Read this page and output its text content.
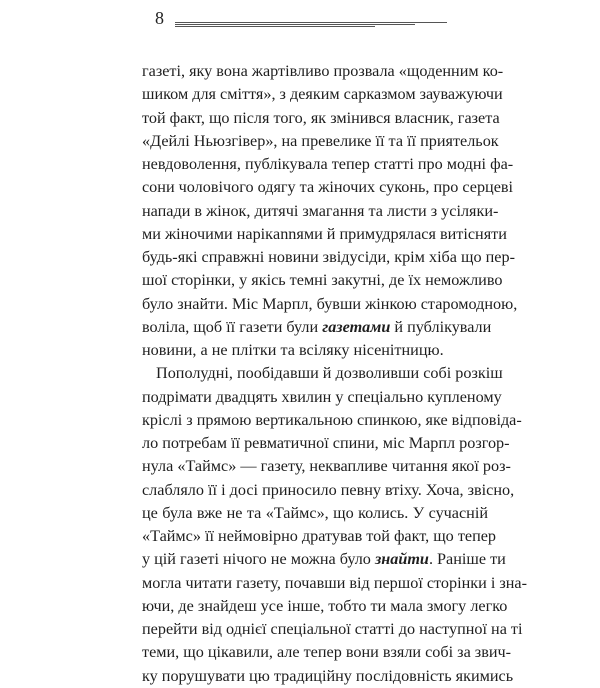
8
газеті, яку вона жартівливо прозвала «щоденним ко-
шиком для сміття», з деяким сарказмом зауважуючи
той факт, що після того, як змінився власник, газета
«Дейлі Ньюзгівер», на превелике її та її приятельок
невдоволення, публікувала тепер статті про модні фа-
сони чоловічого одягу та жіночих суконь, про серцеві
напади в жінок, дитячі змагання та листи з усіляки-
ми жіночими нарікannями й примудрялася витісняти
будь-які справжні новини звідусіди, крім хіба що пер-
шої сторінки, у якісь темні закутні, де їх неможливо
було знайти. Міс Марпл, бувши жінкою старомодною,
воліла, щоб її газети були газетами й публікували
новини, а не плітки та всіляку нісенітницю.
Пополудні, пообідавши й дозволивши собі розкіш
подрімати двадцять хвилин у спеціально купленому
кріслі з прямою вертикальною спинкою, яке відповіда-
ло потребам її ревматичної спини, міс Марпл розгор-
нула «Таймс» — газету, неквапливе читання якої роз-
слабляло її і досі приносило певну втіху. Хоча, звісно,
це була вже не та «Таймс», що колись. У сучасній
«Таймс» її неймовірно дратував той факт, що тепер
у цій газеті нічого не можна було знайти. Раніше ти
могла читати газету, почавши від першої сторінки і зна-
ючи, де знайдеш усе інше, тобто ти мала змогу легко
перейти від однієї спеціальної статті до наступної на ті
теми, що цікавили, але тепер вони взяли собі за звич-
ку порушувати цю традиційну послідовність якимись
